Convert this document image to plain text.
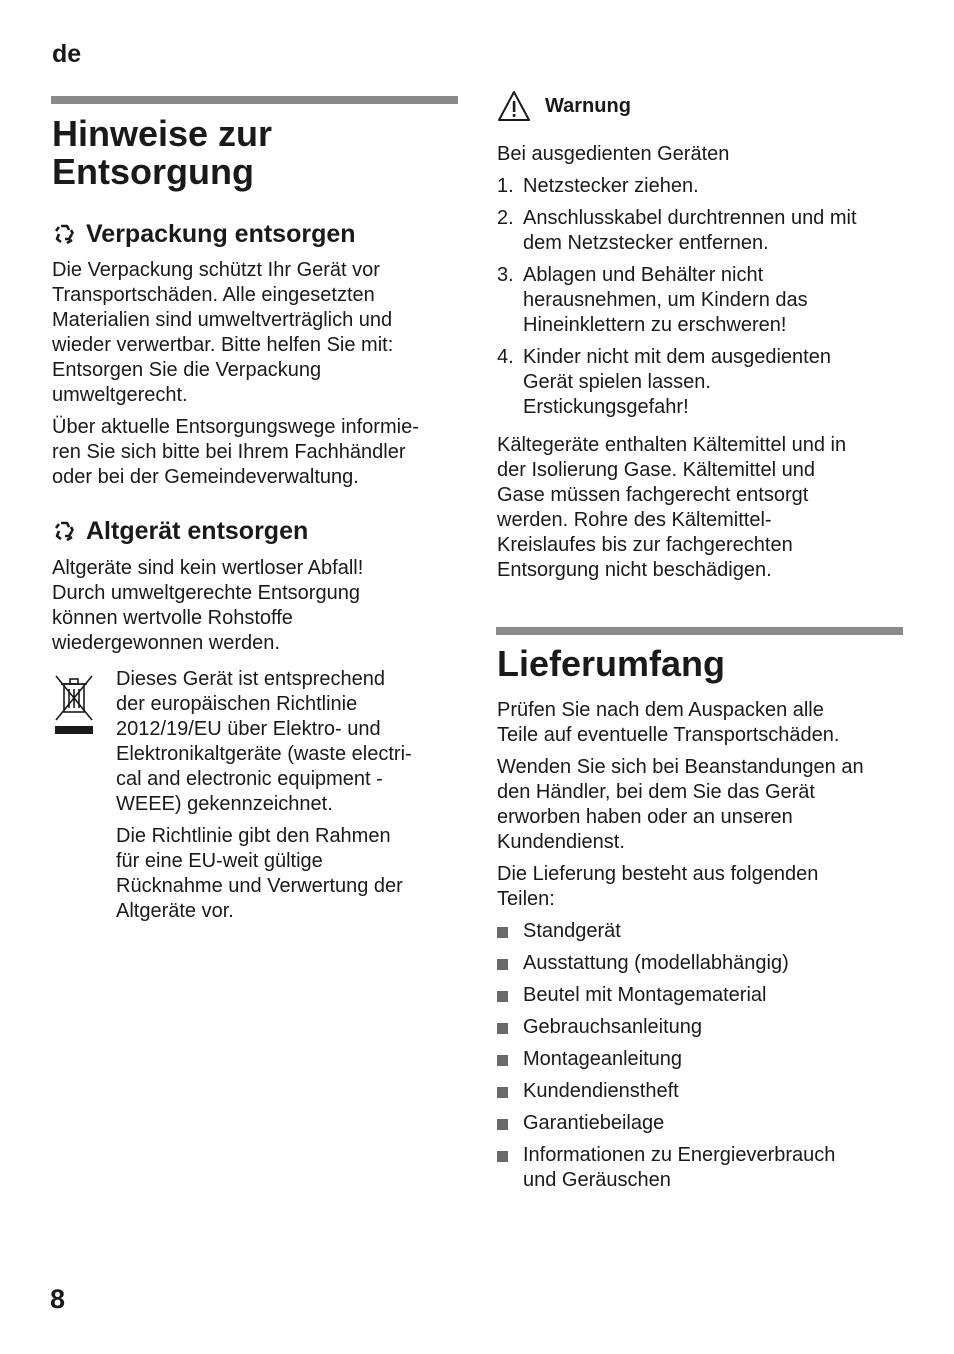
de
8

Hinweise zur

Entsorgung

Verpackung entsorgen

Die Verpackung schützt Ihr Gerät vor

Transportschäden. Alle eingesetzten

Materialien sind umweltverträglich und

wieder verwertbar. Bitte helfen Sie mit:

Entsorgen Sie die Verpackung

umweltgerecht.

Über aktuelle Entsorgungswege informie-

ren Sie sich bitte bei Ihrem Fachhändler

oder bei der Gemeindeverwaltung.

Altgerät entsorgen

Altgeräte sind kein wertloser Abfall!

Durch umweltgerechte Entsorgung

können wertvolle Rohstoffe

wiedergewonnen werden.

Dieses Gerät ist entsprechend

der europäischen Richtlinie

2012/19/EU über Elektro- und

Elektronikaltgeräte (waste electri-

cal and electronic equipment -

WEEE) gekennzeichnet.

Die Richtlinie gibt den Rahmen

für eine EU-weit gültige

Rücknahme und Verwertung der

Altgeräte vor.

Warnung

Bei ausgedienten Geräten

1. Netzstecker ziehen.
2. Anschlusskabel durchtrennen und mit
dem Netzstecker entfernen.
3. Ablagen und Behälter nicht
herausnehmen, um Kindern das
Hineinklettern zu erschweren!
4. Kinder nicht mit dem ausgedienten
Gerät spielen lassen.
Erstickungsgefahr!

Kältegeräte enthalten Kältemittel und in

der Isolierung Gase. Kältemittel und

Gase müssen fachgerecht entsorgt

werden. Rohre des Kältemittel-

Kreislaufes bis zur fachgerechten

Entsorgung nicht beschädigen.

Lieferumfang

Prüfen Sie nach dem Auspacken alle

Teile auf eventuelle Transportschäden.

Wenden Sie sich bei Beanstandungen an

den Händler, bei dem Sie das Gerät

erworben haben oder an unseren

Kundendienst.

Die Lieferung besteht aus folgenden

Teilen:

Standgerät
Ausstattung (modellabhängig)
Beutel mit Montagematerial
Gebrauchsanleitung
Montageanleitung
Kundendienstheft
Garantiebeilage
Informationen zu Energieverbrauch
und Geräuschen
